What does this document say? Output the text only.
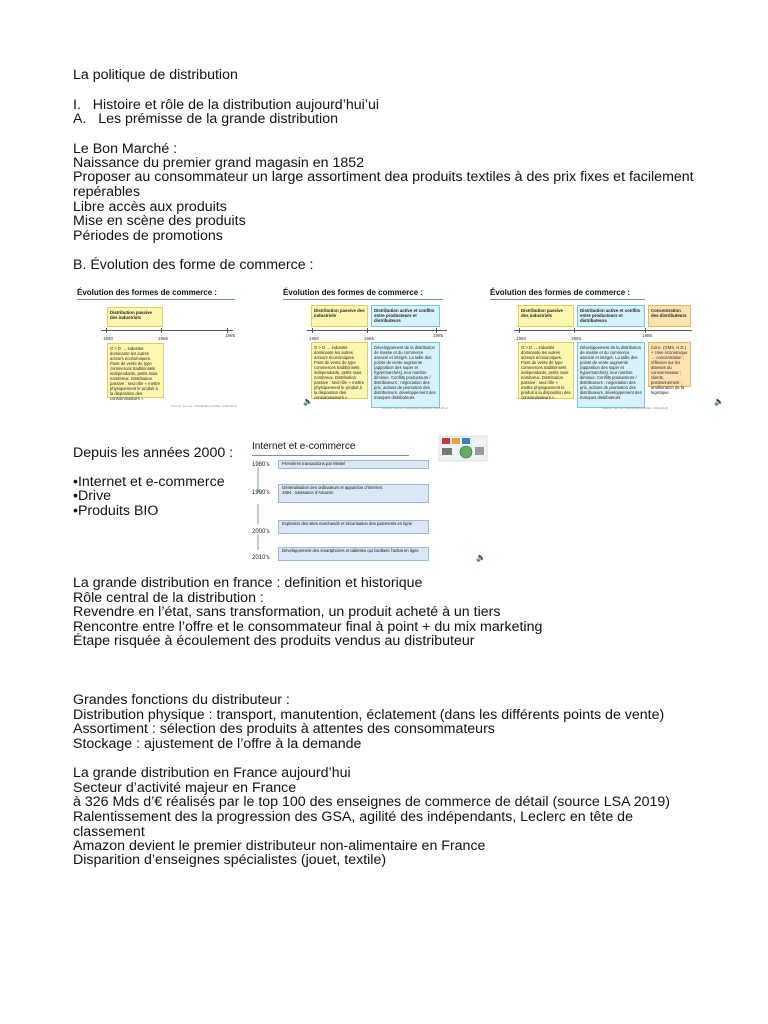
La politique de distribution
I.   Histoire et rôle de la distribution aujourd’hui’ui
A.   Les prémisse de la grande distribution
Le Bon Marché :
Naissance du premier grand magasin en 1852
Proposer au consommateur un large assortiment dea produits textiles à des prix fixes et facilement repérables
Libre accès aux produits
Mise en scène des produits
Périodes de promotions
B. Évolution des forme de commerce :
Évolution des formes de commerce :
Distribution passive des industriels
1950	1965
1985
O > D → industrie dominante les autres acteurs économiques. Point de vente de type commerces traditionnels indépendants, petits mais nombreux. Distribution passive : seul rôle « mettre physiquement le produit à la disposition des consommateurs ».
Source : Le Lux - Distribution parfaite, 2018-2019
Évolution des formes de commerce :
Distribution passive des industriels
Distribution active et conflits entre producteurs et distributeurs
1950	1965
1985
O > D → industrie dominante les autres acteurs économiques. Point de vente de type commerces traditionnels indépendants, petits mais nombreux. Distribution passive : seul rôle « mettre physiquement le produit à la disposition des consommateurs ».
Développement de la distribution de masse et du commerce associé et intégré. La taille des points de vente augmente (apparition des super et hypermarchés), leur nombre diminue. Conflits producteurs / distributeurs : négociation des prix, actions de promotion des distributeurs, développement des marques distributeurs.
🔈
Source : Le Lux - Distribution parfaite, 2018-2019
Évolution des formes de commerce :
Distribution passive des industriels
Distribution active et conflits entre producteurs et distributeurs
Concentration des distributeurs
1950	1965
1985
O > D → industrie dominante les autres acteurs économiques. Point de vente de type commerces traditionnels indépendants, petits mais nombreux. Distribution passive : seul rôle « mettre physiquement le produit à la disposition des consommateurs ».
Développement de la distribution de masse et du commerce associé et intégré. La taille des points de vente augmente (apparition des super et hypermarchés), leur nombre diminue. Conflits producteurs / distributeurs : négociation des prix, actions de promotion des distributeurs, développement des marques distributeurs.
Conc. (GMS, H.D.) + crise économique → concentration ; réflexion sur les attentes du consommateur ; clients, positionnement ; amélioration de la logistique
🔈
Source : Le Lux - Distribution parfaite, 2018-2019
Depuis les années 2000 :
•Internet et e-commerce
•Drive
•Produits BIO
Internet et e-commerce
1980’s	Premières transactions par Minitel
1990’s
Généralisation des ordinateurs et apparition d’Internet.
1994 : naissance d’Amazon
2000’s
Explosion des sites marchands et sécurisation des paiements en ligne
2010’s
Développement des smartphones et tablettes qui facilitent l’achat en ligne
🔈
La grande distribution en france : definition et historique
Rôle central de la distribution :
Revendre en l’état, sans transformation, un produit acheté à un tiers
Rencontre entre l’offre et le consommateur final à point + du mix marketing
Étape risquée à écoulement des produits vendus au distributeur
Grandes fonctions du distributeur :
Distribution physique : transport, manutention, éclatement (dans les différents points de vente)
Assortiment : sélection des produits à attentes des consommateurs
Stockage : ajustement de l’offre à la demande
La grande distribution en France aujourd’hui
Secteur d’activité majeur en France
à 326 Mds d’€ réalisés par le top 100 des enseignes de commerce de détail (source LSA 2019)
Ralentissement des la progression des GSA, agilité des indépendants, Leclerc en tête de classement
Amazon devient le premier distributeur non-alimentaire en France
Disparition d’enseignes spécialistes (jouet, textile)
